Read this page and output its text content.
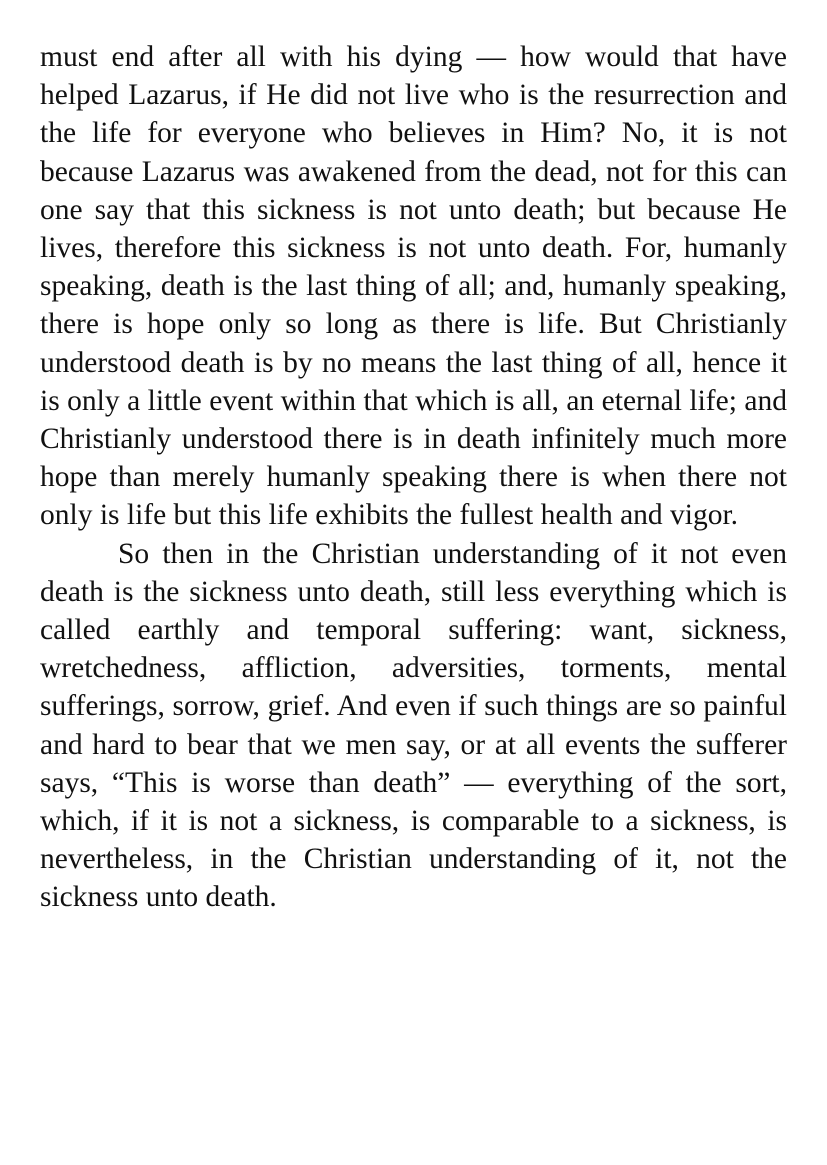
must end after all with his dying — how would that have helped Lazarus, if He did not live who is the resurrection and the life for everyone who believes in Him? No, it is not because Lazarus was awakened from the dead, not for this can one say that this sickness is not unto death; but because He lives, therefore this sickness is not unto death. For, humanly speaking, death is the last thing of all; and, humanly speaking, there is hope only so long as there is life. But Christianly understood death is by no means the last thing of all, hence it is only a little event within that which is all, an eternal life; and Christianly understood there is in death infinitely much more hope than merely humanly speaking there is when there not only is life but this life exhibits the fullest health and vigor.

So then in the Christian understanding of it not even death is the sickness unto death, still less everything which is called earthly and temporal suffering: want, sickness, wretchedness, affliction, adversities, torments, mental sufferings, sorrow, grief. And even if such things are so painful and hard to bear that we men say, or at all events the sufferer says, “This is worse than death” — everything of the sort, which, if it is not a sickness, is comparable to a sickness, is nevertheless, in the Christian understanding of it, not the sickness unto death.
